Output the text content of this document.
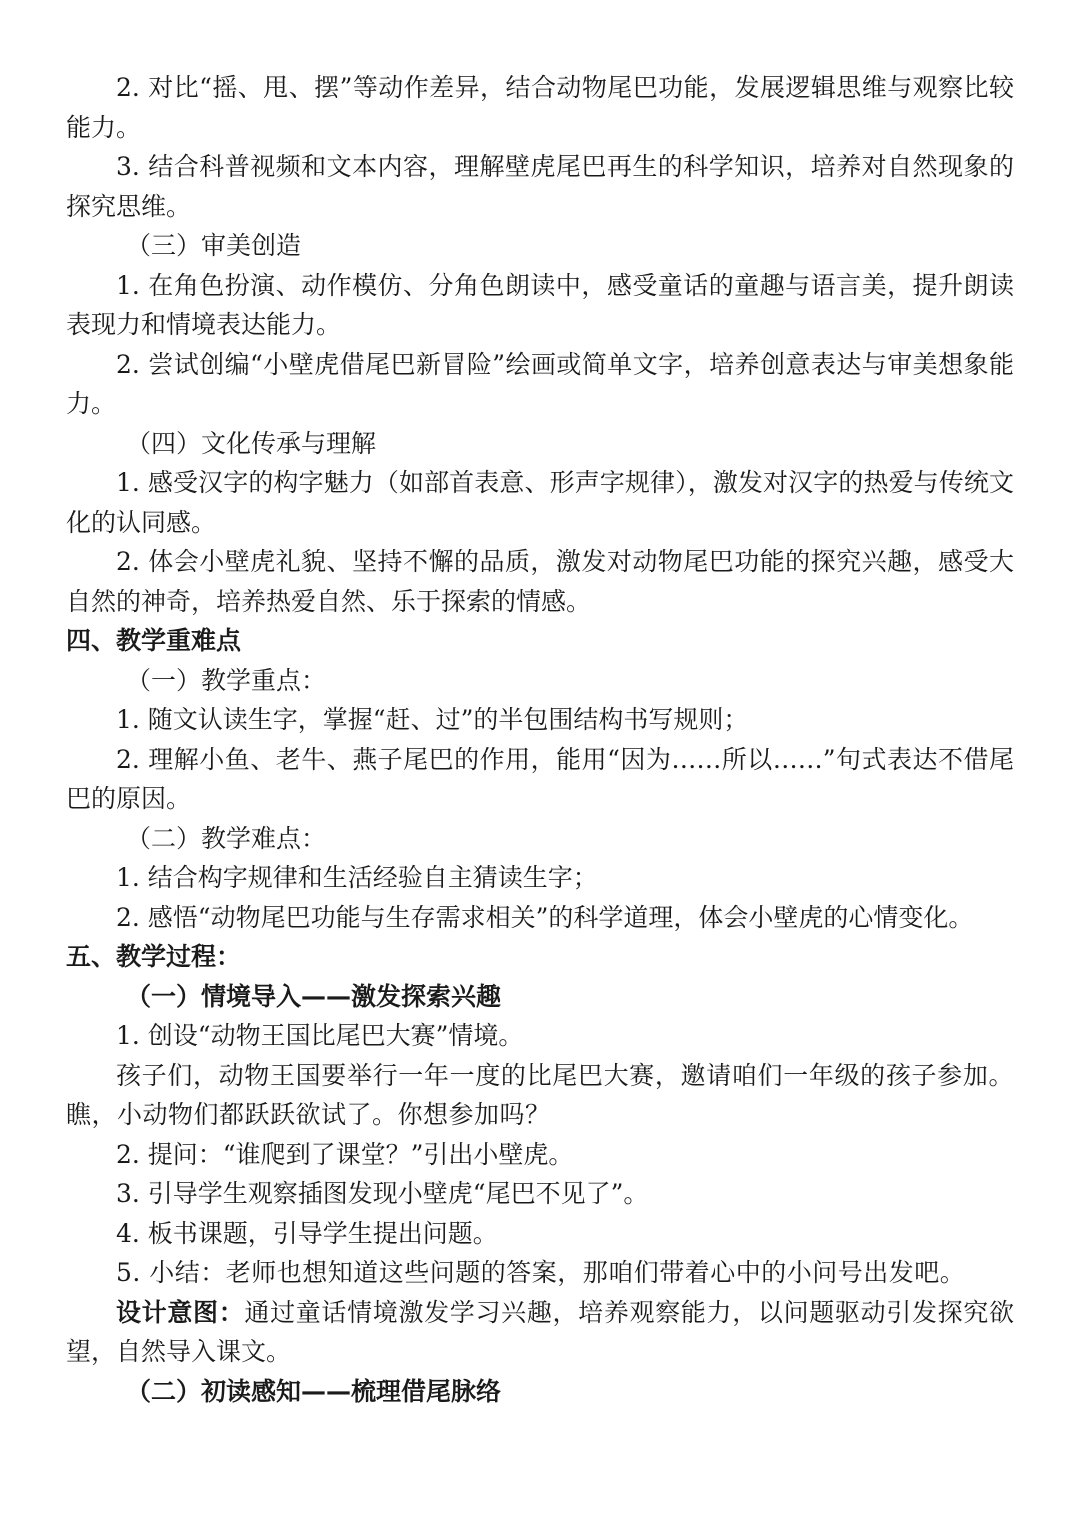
2. 对比“摇、甩、摆”等动作差异，结合动物尾巴功能，发展逻辑思维与观察比较能力。

3. 结合科普视频和文本内容，理解壁虎尾巴再生的科学知识，培养对自然现象的探究思维。

（三）审美创造

1. 在角色扮演、动作模仿、分角色朗读中，感受童话的童趣与语言美，提升朗读表现力和情境表达能力。

2. 尝试创编“小壁虎借尾巴新冒险”绘画或简单文字，培养创意表达与审美想象能力。

（四）文化传承与理解

1. 感受汉字的构字魅力（如部首表意、形声字规律），激发对汉字的热爱与传统文化的认同感。

2. 体会小壁虎礼貌、坚持不懈的品质，激发对动物尾巴功能的探究兴趣，感受大自然的神奇，培养热爱自然、乐于探索的情感。

四、教学重难点

（一）教学重点：

1. 随文认读生字，掌握“赶、过”的半包围结构书写规则；

2. 理解小鱼、老牛、燕子尾巴的作用，能用“因为……所以……”句式表达不借尾巴的原因。

（二）教学难点：

1. 结合构字规律和生活经验自主猜读生字；

2. 感悟“动物尾巴功能与生存需求相关”的科学道理，体会小壁虎的心情变化。

五、教学过程：

（一）情境导入——激发探索兴趣

1. 创设“动物王国比尾巴大赛”情境。

孩子们，动物王国要举行一年一度的比尾巴大赛，邀请咱们一年级的孩子参加。瞧，小动物们都跃跃欲试了。你想参加吗？

2. 提问：“谁爬到了课堂？”引出小壁虎。

3. 引导学生观察插图发现小壁虎“尾巴不见了”。

4. 板书课题，引导学生提出问题。

5. 小结：老师也想知道这些问题的答案，那咱们带着心中的小问号出发吧。

设计意图：通过童话情境激发学习兴趣，培养观察能力，以问题驱动引发探究欲望，自然导入课文。

（二）初读感知——梳理借尾脉络
